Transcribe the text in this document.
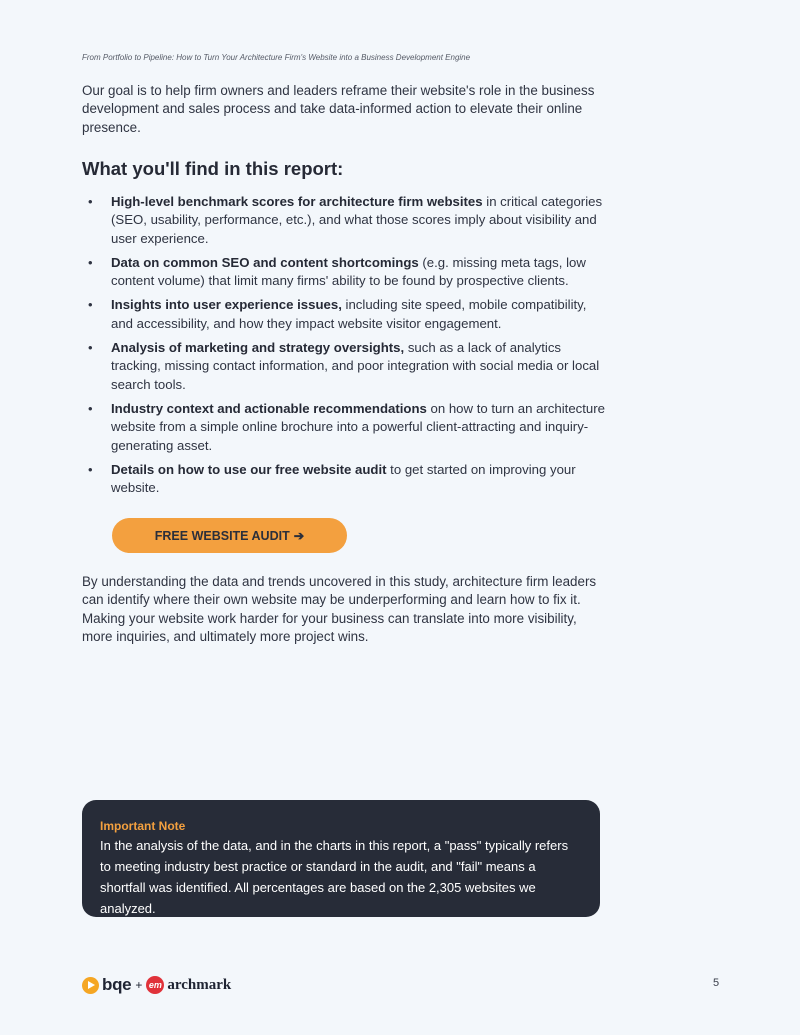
From Portfolio to Pipeline: How to Turn Your Architecture Firm's Website into a Business Development Engine

Our goal is to help firm owners and leaders reframe their website's role in the business development and sales process and take data-informed action to elevate their online presence.

What you'll find in this report:
• High-level benchmark scores for architecture firm websites in critical categories (SEO, usability, performance, etc.), and what those scores imply about visibility and user experience.
• Data on common SEO and content shortcomings (e.g. missing meta tags, low content volume) that limit many firms' ability to be found by prospective clients.
• Insights into user experience issues, including site speed, mobile compatibility, and accessibility, and how they impact website visitor engagement.
• Analysis of marketing and strategy oversights, such as a lack of analytics tracking, missing contact information, and poor integration with social media or local search tools.
• Industry context and actionable recommendations on how to turn an architecture website from a simple online brochure into a powerful client-attracting and inquiry-generating asset.
• Details on how to use our free website audit to get started on improving your website.
FREE WEBSITE AUDIT ➔

By understanding the data and trends uncovered in this study, architecture firm leaders can identify where their own website may be underperforming and learn how to fix it. Making your website work harder for your business can translate into more visibility, more inquiries, and ultimately more project wins.

Important Note

In the analysis of the data, and in the charts in this report, a "pass" typically refers to meeting industry best practice or standard in the audit, and "fail" means a shortfall was identified. All percentages are based on the 2,305 websites we analyzed.

bqe + em archmark	5
